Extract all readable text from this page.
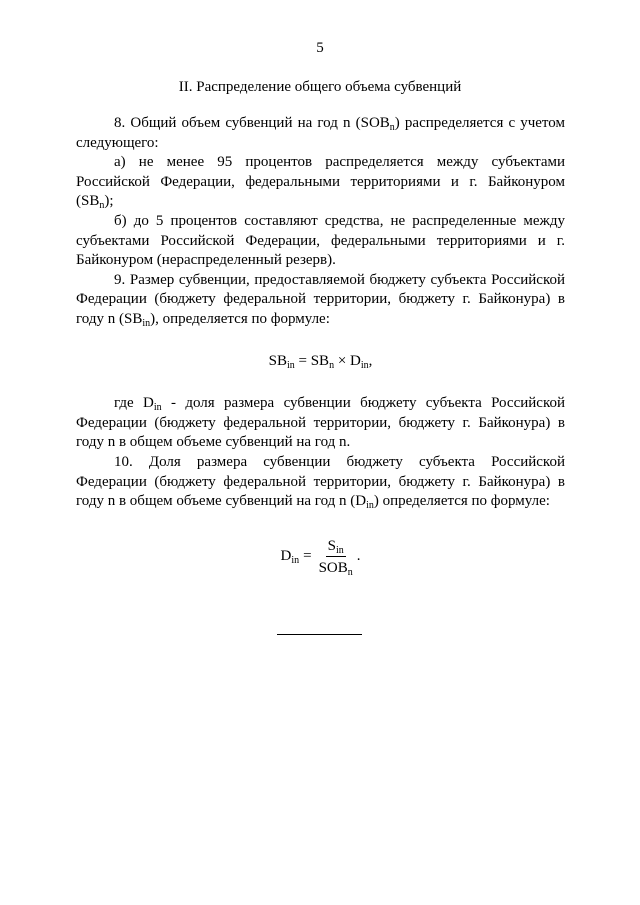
5
II. Распределение общего объема субвенций

8. Общий объем субвенций на год n $(SOB_n)$ распределяется с учетом следующего:

а) не менее 95 процентов распределяется между субъектами Российской Федерации, федеральными территориями и г. Байконуром $(SB_n)$;

б) до 5 процентов составляют средства, не распределенные между субъектами Российской Федерации, федеральными территориями и г. Байконуром (нераспределенный резерв).

9. Размер субвенции, предоставляемой бюджету субъекта Российской Федерации (бюджету федеральной территории, бюджету г. Байконура) в году n $(SB_{in})$, определяется по формуле:

$SB_{in} = SB_n \times D_{in}$,

где $D_{in}$ - доля размера субвенции бюджету субъекта Российской Федерации (бюджету федеральной территории, бюджету г. Байконура) в году n в общем объеме субвенций на год n.

10. Доля размера субвенции бюджету субъекта Российской Федерации (бюджету федеральной территории, бюджету г. Байконура) в году n в общем объеме субвенций на год n $(D_{in})$ определяется по формуле:

$D_{in} = \frac{S_{in}}{SOB_n}$ .
